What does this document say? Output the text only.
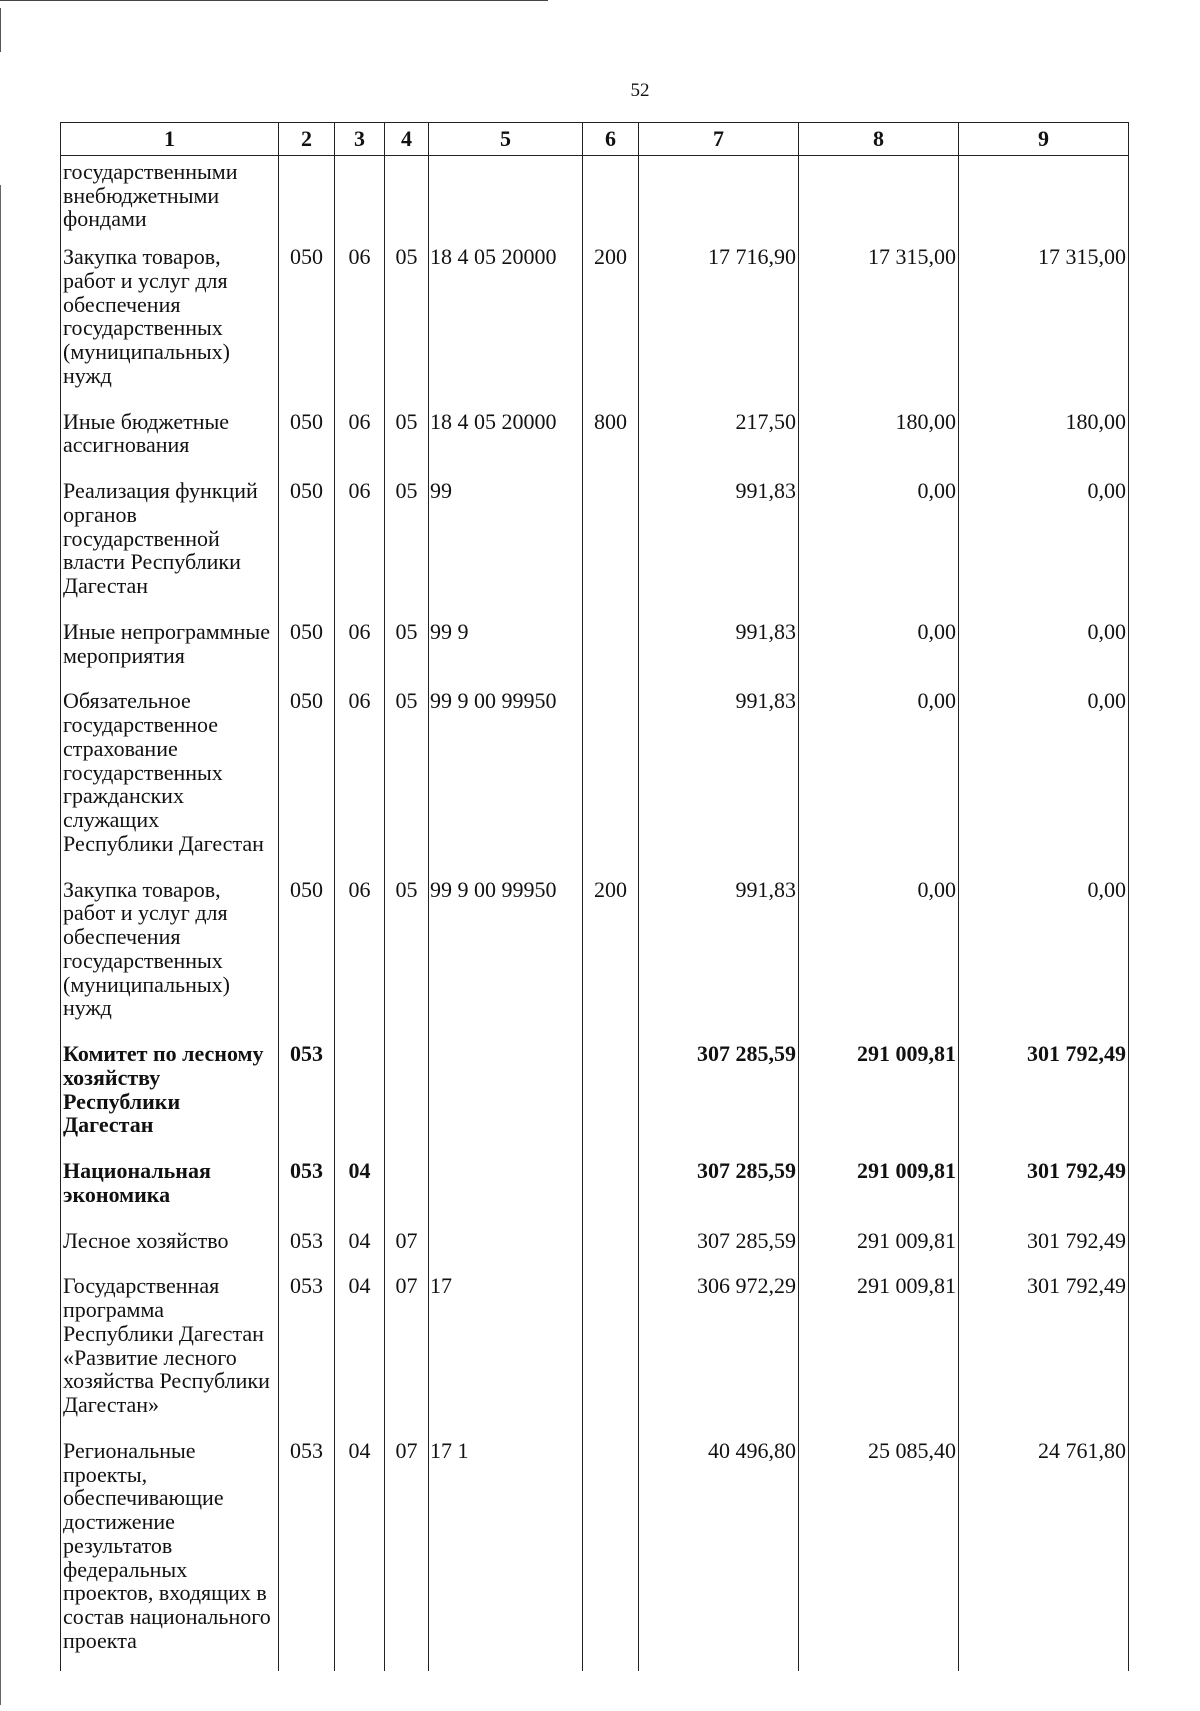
52
1	2	3	4	5	6	7	8	9
государственными внебюджетными фондами								
Закупка товаров, работ и услуг для обеспечения государственных (муниципальных) нужд	050	06	05	18 4 05 20000	200	17 716,90	17 315,00	17 315,00
Иные бюджетные ассигнования	050	06	05	18 4 05 20000	800	217,50	180,00	180,00
Реализация функций органов государственной власти Республики Дагестан	050	06	05	99		991,83	0,00	0,00
Иные непрограммные мероприятия	050	06	05	99 9		991,83	0,00	0,00
Обязательное государственное страхование государственных гражданских служащих Республики Дагестан	050	06	05	99 9 00 99950		991,83	0,00	0,00
Закупка товаров, работ и услуг для обеспечения государственных (муниципальных) нужд	050	06	05	99 9 00 99950	200	991,83	0,00	0,00
Комитет по лесному хозяйству Республики Дагестан	053					307 285,59	291 009,81	301 792,49
Национальная экономика	053	04				307 285,59	291 009,81	301 792,49
Лесное хозяйство	053	04	07			307 285,59	291 009,81	301 792,49
Государственная программа Республики Дагестан «Развитие лесного хозяйства Республики Дагестан»	053	04	07	17		306 972,29	291 009,81	301 792,49
Региональные проекты, обеспечивающие достижение результатов федеральных проектов, входящих в состав национального проекта	053	04	07	17 1		40 496,80	25 085,40	24 761,80
